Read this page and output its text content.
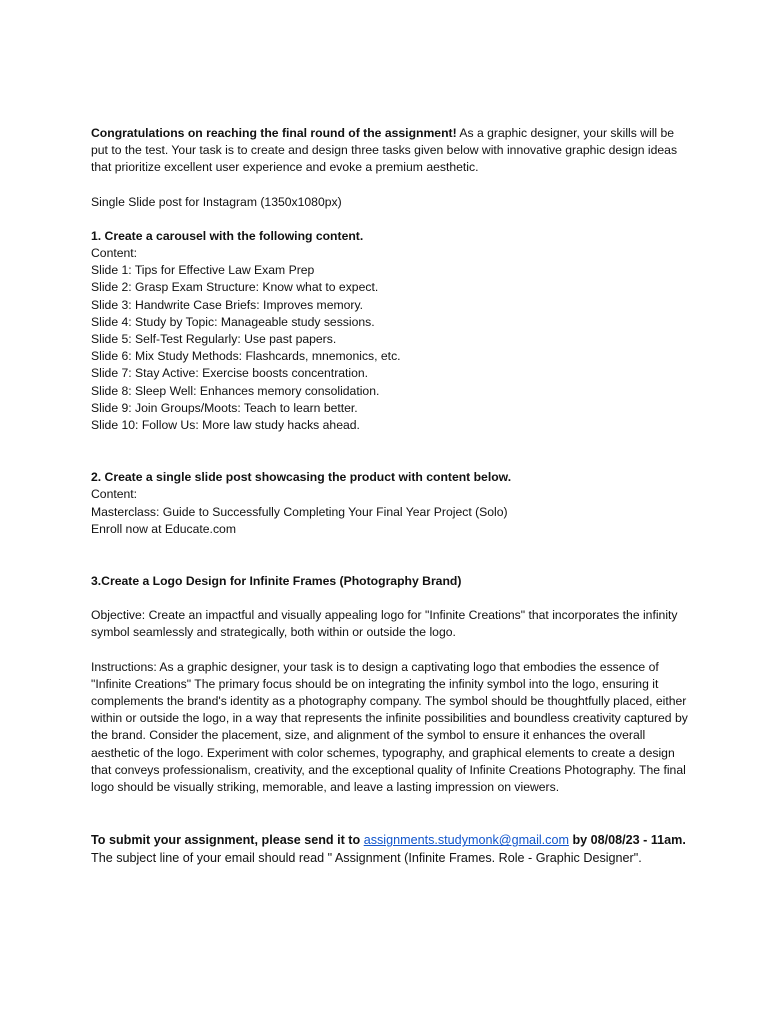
Congratulations on reaching the final round of the assignment! As a graphic designer, your skills will be put to the test. Your task is to create and design three tasks given below with innovative graphic design ideas that prioritize excellent user experience and evoke a premium aesthetic.

Single Slide post for Instagram (1350x1080px)

1. Create a carousel with the following content.

Content:

Slide 1: Tips for Effective Law Exam Prep
Slide 2: Grasp Exam Structure: Know what to expect.
Slide 3: Handwrite Case Briefs: Improves memory.
Slide 4: Study by Topic: Manageable study sessions.
Slide 5: Self-Test Regularly: Use past papers.
Slide 6: Mix Study Methods: Flashcards, mnemonics, etc.
Slide 7: Stay Active: Exercise boosts concentration.
Slide 8: Sleep Well: Enhances memory consolidation.
Slide 9: Join Groups/Moots: Teach to learn better.
Slide 10: Follow Us: More law study hacks ahead.

2. Create a single slide post showcasing the product with content below.

Content:

Masterclass: Guide to Successfully Completing Your Final Year Project (Solo)

Enroll now at Educate.com

3.Create a Logo Design for Infinite Frames (Photography Brand)

Objective: Create an impactful and visually appealing logo for "Infinite Creations" that incorporates the infinity symbol seamlessly and strategically, both within or outside the logo.

Instructions: As a graphic designer, your task is to design a captivating logo that embodies the essence of "Infinite Creations" The primary focus should be on integrating the infinity symbol into the logo, ensuring it complements the brand's identity as a photography company. The symbol should be thoughtfully placed, either within or outside the logo, in a way that represents the infinite possibilities and boundless creativity captured by the brand. Consider the placement, size, and alignment of the symbol to ensure it enhances the overall aesthetic of the logo. Experiment with color schemes, typography, and graphical elements to create a design that conveys professionalism, creativity, and the exceptional quality of Infinite Creations Photography. The final logo should be visually striking, memorable, and leave a lasting impression on viewers.

To submit your assignment, please send it to assignments.studymonk@gmail.com by 08/08/23 - 11am. The subject line of your email should read " Assignment (Infinite Frames. Role - Graphic Designer".
